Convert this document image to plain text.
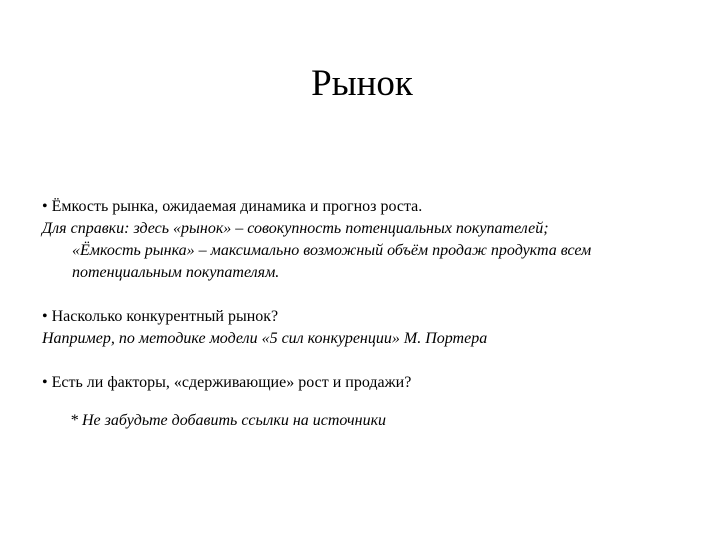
Рынок

• Ёмкость рынка, ожидаемая динамика и прогноз роста.

Для справки: здесь «рынок» – совокупность потенциальных покупателей;

«Ёмкость рынка» – максимально возможный объём продаж продукта всем

потенциальным покупателям.

• Насколько конкурентный рынок?

Например, по методике модели «5 сил конкуренции» М. Портера

• Есть ли факторы, «сдерживающие» рост и продажи?

* Не забудьте добавить ссылки на источники
